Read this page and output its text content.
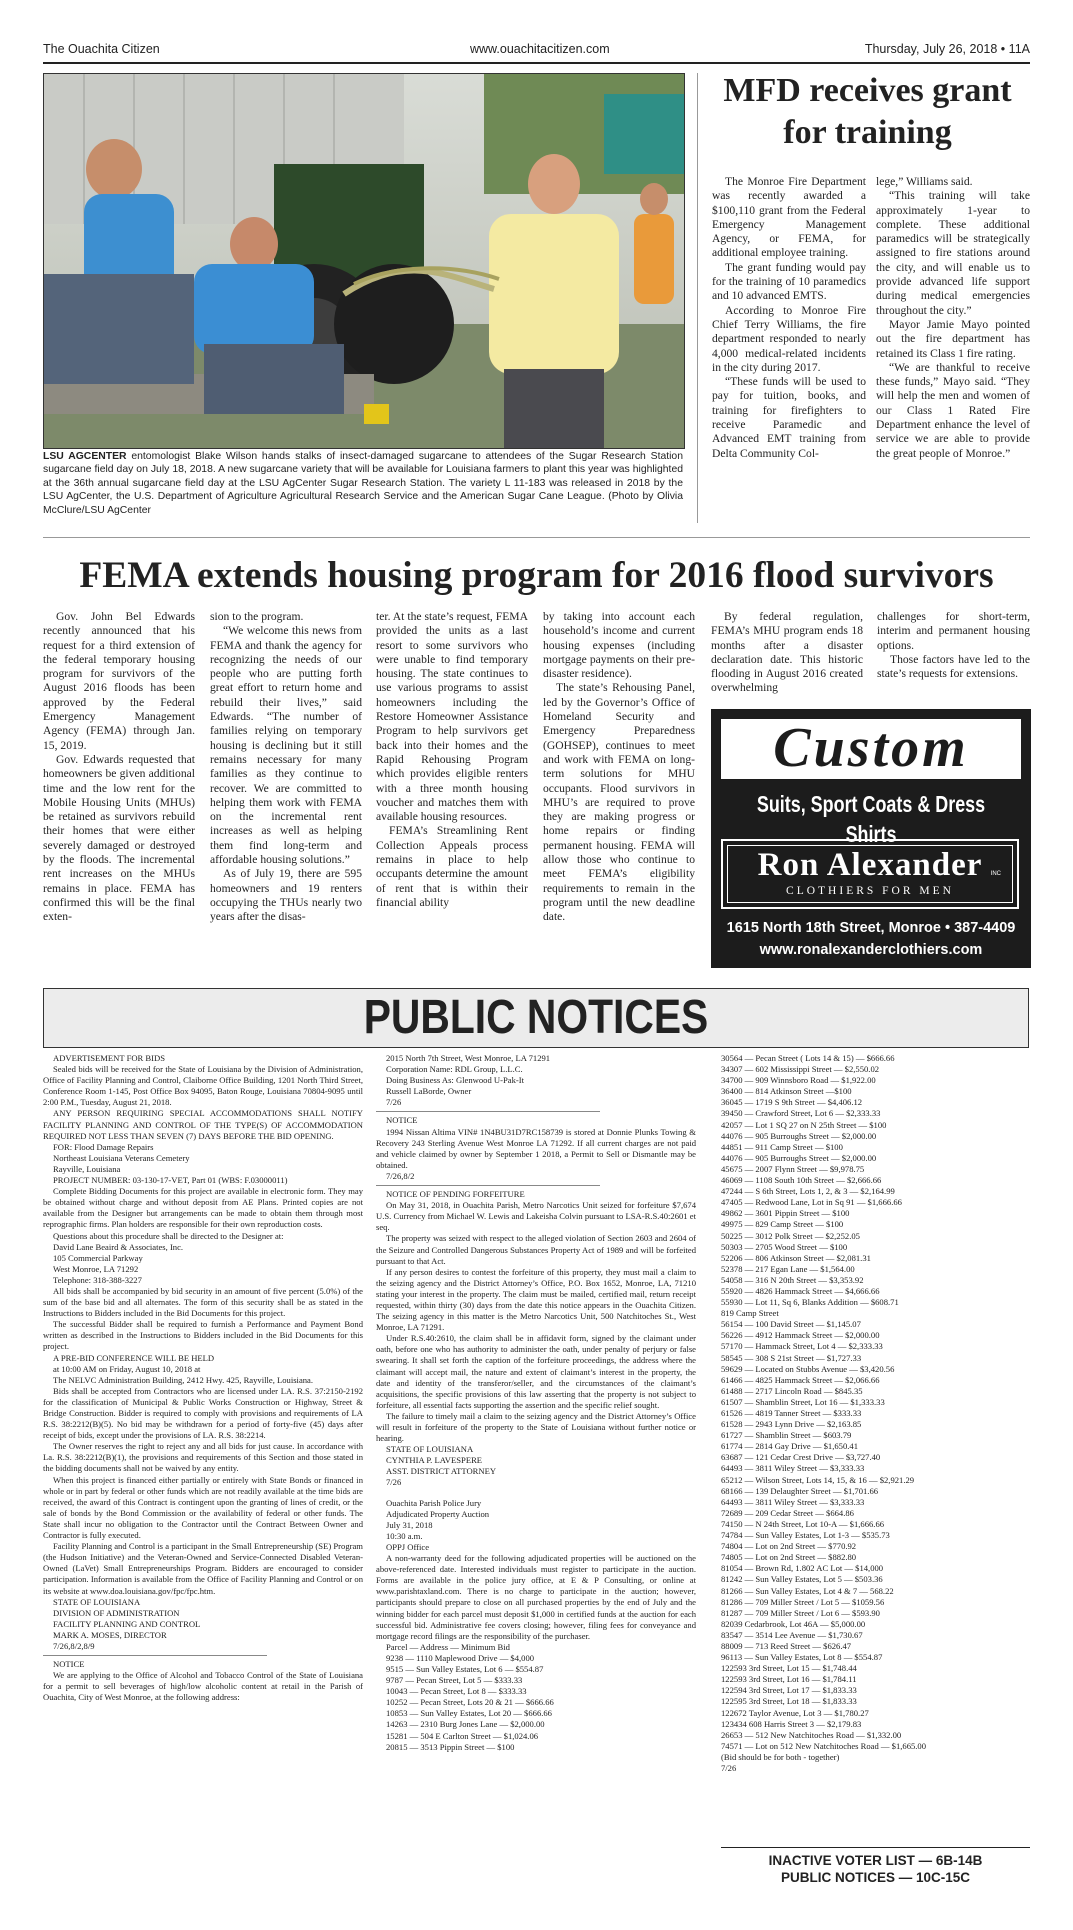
The Ouachita Citizen	www.ouachitacitizen.com	Thursday, July 26, 2018 • 11A
LSU AGCENTER entomologist Blake Wilson hands stalks of insect-damaged sugarcane to attendees of the Sugar Research Station sugarcane field day on July 18, 2018. A new sugarcane variety that will be available for Louisiana farmers to plant this year was highlighted at the 36th annual sugarcane field day at the LSU AgCenter Sugar Research Station. The variety L 11-183 was released in 2018 by the LSU AgCenter, the U.S. Department of Agriculture Agricultural Research Service and the American Sugar Cane League. (Photo by Olivia McClure/LSU AgCenter
MFD receives grant for training

The Monroe Fire Department was recently awarded a $100,110 grant from the Federal Emergency Management Agency, or FEMA, for additional employee training.

The grant funding would pay for the training of 10 paramedics and 10 advanced EMTS.

According to Monroe Fire Chief Terry Williams, the fire department responded to nearly 4,000 medical-related incidents in the city during 2017.

“These funds will be used to pay for tuition, books, and training for firefighters to receive Paramedic and Advanced EMT training from Delta Community Col-

lege,” Williams said.

“This training will take approximately 1-year to complete. These additional paramedics will be strategically assigned to fire stations around the city, and will enable us to provide advanced life support during medical emergencies throughout the city.”

Mayor Jamie Mayo pointed out the fire department has retained its Class 1 fire rating.

“We are thankful to receive these funds,” Mayo said. “They will help the men and women of our Class 1 Rated Fire Department enhance the level of service we are able to provide the great people of Monroe.”

FEMA extends housing program for 2016 flood survivors

Gov. John Bel Edwards recently announced that his request for a third extension of the federal temporary housing program for survivors of the August 2016 floods has been approved by the Federal Emergency Management Agency (FEMA) through Jan. 15, 2019.

Gov. Edwards requested that homeowners be given additional time and the low rent for the Mobile Housing Units (MHUs) be retained as survivors rebuild their homes that were either severely damaged or destroyed by the floods. The incremental rent increases on the MHUs remains in place. FEMA has confirmed this will be the final exten-

sion to the program.

“We welcome this news from FEMA and thank the agency for recognizing the needs of our people who are putting forth great effort to return home and rebuild their lives,” said Edwards. “The number of families relying on temporary housing is declining but it still remains necessary for many families as they continue to recover. We are committed to helping them work with FEMA on the incremental rent increases as well as helping them find long-term and affordable housing solutions.”

As of July 19, there are 595 homeowners and 19 renters occupying the THUs nearly two years after the disas-

ter. At the state’s request, FEMA provided the units as a last resort to some survivors who were unable to find temporary housing. The state continues to use various programs to assist homeowners including the Restore Homeowner Assistance Program to help survivors get back into their homes and the Rapid Rehousing Program which provides eligible renters with a three month housing voucher and matches them with available housing resources.

FEMA’s Streamlining Rent Collection Appeals process remains in place to help occupants determine the amount of rent that is within their financial ability

by taking into account each household’s income and current housing expenses (including mortgage payments on their pre-disaster residence).

The state’s Rehousing Panel, led by the Governor’s Office of Homeland Security and Emergency Preparedness (GOHSEP), continues to meet and work with FEMA on long-term solutions for MHU occupants. Flood survivors in MHU’s are required to prove they are making progress or home repairs or finding permanent housing. FEMA will allow those who continue to meet FEMA’s eligibility requirements to remain in the program until the new deadline date.

By federal regulation, FEMA’s MHU program ends 18 months after a disaster declaration date. This historic flooding in August 2016 created overwhelming

challenges for short-term, interim and permanent housing options.

Those factors have led to the state’s requests for extensions.

Custom
Suits, Sport Coats & Dress Shirts
Ron Alexander	INC
CLOTHIERS FOR MEN
1615 North 18th Street, Monroe • 387-4409
www.ronalexanderclothiers.com
PUBLIC NOTICES
ADVERTISEMENT FOR BIDS
Sealed bids will be received for the State of Louisiana by the Division of Administration, Office of Facility Planning and Control, Claiborne Office Building, 1201 North Third Street, Conference Room 1-145, Post Office Box 94095, Baton Rouge, Louisiana 70804-9095 until 2:00 P.M., Tuesday, August 21, 2018.
ANY PERSON REQUIRING SPECIAL ACCOMMODATIONS SHALL NOTIFY FACILITY PLANNING AND CONTROL OF THE TYPE(S) OF ACCOMMODATION REQUIRED NOT LESS THAN SEVEN (7) DAYS BEFORE THE BID OPENING.
FOR: Flood Damage Repairs
Northeast Louisiana Veterans Cemetery
Rayville, Louisiana
PROJECT NUMBER: 03-130-17-VET, Part 01 (WBS: F.03000011)
Complete Bidding Documents for this project are available in electronic form. They may be obtained without charge and without deposit from AE Plans. Printed copies are not available from the Designer but arrangements can be made to obtain them through most reprographic firms. Plan holders are responsible for their own reproduction costs.
Questions about this procedure shall be directed to the Designer at:
David Lane Beaird & Associates, Inc.
105 Commercial Parkway
West Monroe, LA 71292
Telephone: 318-388-3227
All bids shall be accompanied by bid security in an amount of five percent (5.0%) of the sum of the base bid and all alternates. The form of this security shall be as stated in the Instructions to Bidders included in the Bid Documents for this project.
The successful Bidder shall be required to furnish a Performance and Payment Bond written as described in the Instructions to Bidders included in the Bid Documents for this project.
A PRE-BID CONFERENCE WILL BE HELD
at 10:00 AM on Friday, August 10, 2018 at
The NELVC Administration Building, 2412 Hwy. 425, Rayville, Louisiana.
Bids shall be accepted from Contractors who are licensed under LA. R.S. 37:2150-2192 for the classification of Municipal & Public Works Construction or Highway, Street & Bridge Construction. Bidder is required to comply with provisions and requirements of LA R.S. 38:2212(B)(5). No bid may be withdrawn for a period of forty-five (45) days after receipt of bids, except under the provisions of LA. R.S. 38:2214.
The Owner reserves the right to reject any and all bids for just cause. In accordance with La. R.S. 38:2212(B)(1), the provisions and requirements of this Section and those stated in the bidding documents shall not be waived by any entity.
When this project is financed either partially or entirely with State Bonds or financed in whole or in part by federal or other funds which are not readily available at the time bids are received, the award of this Contract is contingent upon the granting of lines of credit, or the sale of bonds by the Bond Commission or the availability of federal or other funds. The State shall incur no obligation to the Contractor until the Contract Between Owner and Contractor is fully executed.
Facility Planning and Control is a participant in the Small Entrepreneurship (SE) Program (the Hudson Initiative) and the Veteran-Owned and Service-Connected Disabled Veteran-Owned (LaVet) Small Entrepreneurships Program. Bidders are encouraged to consider participation. Information is available from the Office of Facility Planning and Control or on its website at www.doa.louisiana.gov/fpc/fpc.htm.
STATE OF LOUISIANA
DIVISION OF ADMINISTRATION
FACILITY PLANNING AND CONTROL
MARK A. MOSES, DIRECTOR
7/26,8/2,8/9
NOTICE
We are applying to the Office of Alcohol and Tobacco Control of the State of Louisiana for a permit to sell beverages of high/low alcoholic content at retail in the Parish of Ouachita, City of West Monroe, at the following address:
2015 North 7th Street, West Monroe, LA 71291
Corporation Name: RDL Group, L.L.C.
Doing Business As: Glenwood U-Pak-It
Russell LaBorde, Owner
7/26
NOTICE
1994 Nissan Altima VIN# 1N4BU31D7RC158739 is stored at Donnie Plunks Towing & Recovery 243 Sterling Avenue West Monroe LA 71292. If all current charges are not paid and vehicle claimed by owner by September 1 2018, a Permit to Sell or Dismantle may be obtained.
7/26,8/2
NOTICE OF PENDING FORFEITURE
On May 31, 2018, in Ouachita Parish, Metro Narcotics Unit seized for forfeiture $7,674 U.S. Currency from Michael W. Lewis and Lakeisha Colvin pursuant to LSA-R.S.40:2601 et seq.
The property was seized with respect to the alleged violation of Section 2603 and 2604 of the Seizure and Controlled Dangerous Substances Property Act of 1989 and will be forfeited pursuant to that Act.
If any person desires to contest the forfeiture of this property, they must mail a claim to the seizing agency and the District Attorney’s Office, P.O. Box 1652, Monroe, LA, 71210 stating your interest in the property. The claim must be mailed, certified mail, return receipt requested, within thirty (30) days from the date this notice appears in the Ouachita Citizen. The seizing agency in this matter is the Metro Narcotics Unit, 500 Natchitoches St., West Monroe, LA 71291.
Under R.S.40:2610, the claim shall be in affidavit form, signed by the claimant under oath, before one who has authority to administer the oath, under penalty of perjury or false swearing. It shall set forth the caption of the forfeiture proceedings, the address where the claimant will accept mail, the nature and extent of claimant’s interest in the property, the date and identity of the transferor/seller, and the circumstances of the claimant’s acquisitions, the specific provisions of this law asserting that the property is not subject to forfeiture, all essential facts supporting the assertion and the specific relief sought.
The failure to timely mail a claim to the seizing agency and the District Attorney’s Office will result in forfeiture of the property to the State of Louisiana without further notice or hearing.
STATE OF LOUISIANA
CYNTHIA P. LAVESPERE
ASST. DISTRICT ATTORNEY
7/26
Ouachita Parish Police Jury
Adjudicated Property Auction
July 31, 2018
10:30 a.m.
OPPJ Office
A non-warranty deed for the following adjudicated properties will be auctioned on the above-referenced date. Interested individuals must register to participate in the auction. Forms are available in the police jury office, at E & P Consulting, or online at www.parishtaxland.com. There is no charge to participate in the auction; however, participants should prepare to close on all purchased properties by the end of July and the winning bidder for each parcel must deposit $1,000 in certified funds at the auction for each successful bid. Administrative fee covers closing; however, filing fees for conveyance and mortgage record filings are the responsibility of the purchaser.
Parcel — Address — Minimum Bid
9238 — 1110 Maplewood Drive — $4,000
9515 — Sun Valley Estates, Lot 6 — $554.87
9787 — Pecan Street, Lot 5 — $333.33
10043 — Pecan Street, Lot 8 — $333.33
10252 — Pecan Street, Lots 20 & 21 — $666.66
10853 — Sun Valley Estates, Lot 20 — $666.66
14263 — 2310 Burg Jones Lane — $2,000.00
15281 — 504 E Carlton Street — $1,024.06
20815 — 3513 Pippin Street — $100
30564 — Pecan Street ( Lots 14 & 15) — $666.66
34307 — 602 Mississippi Street — $2,550.02
34700 — 909 Winnsboro Road — $1,922.00
36400 — 814 Atkinson Street —$100
36045 — 1719 S 9th Street — $4,406.12
39450 — Crawford Street, Lot 6 — $2,333.33
42057 — Lot 1 SQ 27 on N 25th Street — $100
44076 — 905 Burroughs Street — $2,000.00
44851 — 911 Camp Street — $100
44076 — 905 Burroughs Street — $2,000.00
45675 — 2007 Flynn Street — $9,978.75
46069 — 1108 South 10th Street — $2,666.66
47244 — S 6th Street, Lots 1, 2, & 3 — $2,164.99
47405 — Redwood Lane, Lot in Sq 91 — $1,666.66
49862 — 3601 Pippin Street — $100
49975 — 829 Camp Street — $100
50225 — 3012 Polk Street — $2,252.05
50303 — 2705 Wood Street — $100
52206 — 806 Atkinson Street — $2,081.31
52378 — 217 Egan Lane — $1,564.00
54058 — 316 N 20th Street — $3,353.92
55920 — 4826 Hammack Street — $4,666.66
55930 — Lot 11, Sq 6, Blanks Addition — $608.71
819 Camp Street
56154 — 100 David Street — $1,145.07
56226 — 4912 Hammack Street — $2,000.00
57170 — Hammack Street, Lot 4 — $2,333.33
58545 — 308 S 21st Street — $1,727.33
59629 — Located on Stubbs Avenue — $3,420.56
61466 — 4825 Hammack Street — $2,066.66
61488 — 2717 Lincoln Road — $845.35
61507 — Shamblin Street, Lot 16 — $1,333.33
61526 — 4819 Tanner Street — $333.33
61528 — 2943 Lynn Drive — $2,163.85
61727 — Shamblin Street — $603.79
61774 — 2814 Gay Drive — $1,650.41
63687 — 121 Cedar Crest Drive — $3,727.40
64493 — 3811 Wiley Street — $3,333.33
65212 — Wilson Street, Lots 14, 15, & 16 — $2,921.29
68166 — 139 Delaughter Street — $1,701.66
64493 — 3811 Wiley Street — $3,333.33
72689 — 209 Cedar Street — $664.86
74150 — N 24th Street, Lot 10-A — $1,666.66
74784 — Sun Valley Estates, Lot 1-3 — $535.73
74804 — Lot on 2nd Street — $770.92
74805 — Lot on 2nd Street — $882.80
81054 — Brown Rd, 1.802 AC Lot — $14,000
81242 — Sun Valley Estates, Lot 5 — $503.36
81266 — Sun Valley Estates, Lot 4 & 7 — 568.22
81286 — 709 Miller Street / Lot 5 — $1059.56
81287 — 709 Miller Street / Lot 6 — $593.90
82039 Cedarbrook, Lot 46A — $5,000.00
83547 — 3514 Lee Avenue — $1,730.67
88009 — 713 Reed Street — $626.47
96113 — Sun Valley Estates, Lot 8 — $554.87
122593 3rd Street, Lot 15 — $1,748.44
122593 3rd Street, Lot 16 — $1,784.11
122594 3rd Street, Lot 17 — $1,833.33
122595 3rd Street, Lot 18 — $1,833.33
122672 Taylor Avenue, Lot 3 — $1,780.27
123434 608 Harris Street 3 — $2,179.83
26653 — 512 New Natchitoches Road — $1,332.00
74571 — Lot on 512 New Natchitoches Road — $1,665.00
(Bid should be for both - together)
7/26
INACTIVE VOTER LIST — 6B-14B
PUBLIC NOTICES — 10C-15C
